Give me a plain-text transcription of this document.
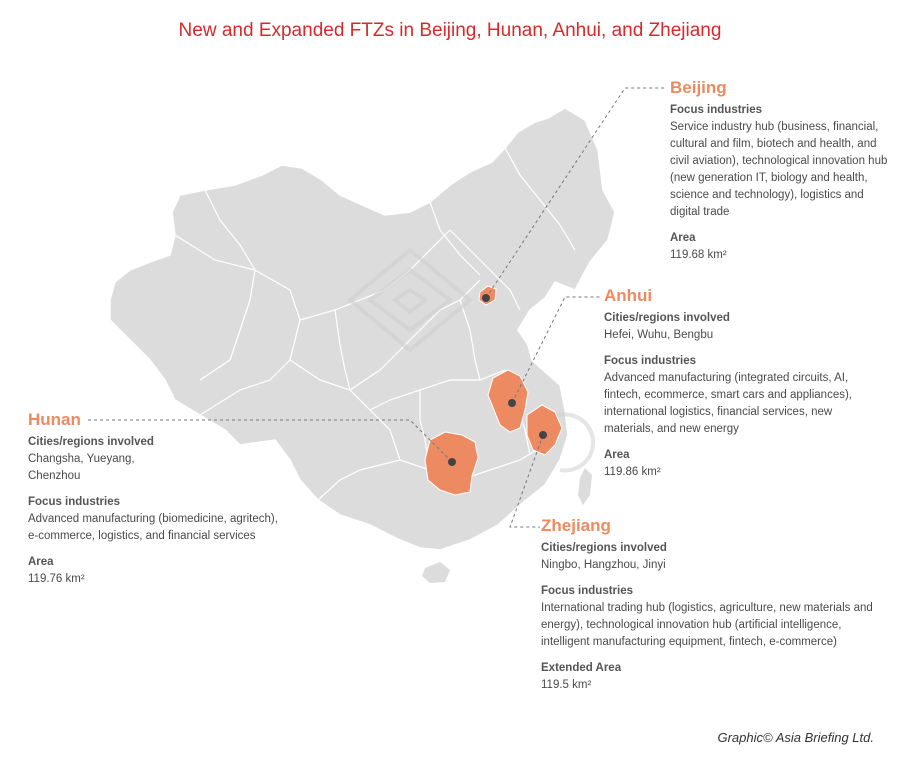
New and Expanded FTZs in Beijing, Hunan, Anhui, and Zhejiang
Beijing
Focus industries
Service industry hub (business, financial, cultural and film, biotech and health, and civil aviation), technological innovation hub (new generation IT, biology and health, science and technology), logistics and digital trade
Area
119.68 km²
Anhui
Cities/regions involved
Hefei, Wuhu, Bengbu
Focus industries
Advanced manufacturing (integrated circuits, AI, fintech, ecommerce, smart cars and appliances), international logistics, financial services, new materials, and new energy
Area
119.86 km²
Hunan
Cities/regions involved
Changsha, Yueyang, Chenzhou
Focus industries
Advanced manufacturing (biomedicine, agritech), e-commerce, logistics, and financial services
Area
119.76 km²
Zhejiang
Cities/regions involved
Ningbo, Hangzhou, Jinyi
Focus industries
International trading hub (logistics, agriculture, new materials and energy), technological innovation hub (artificial intelligence, intelligent manufacturing equipment, fintech, e-commerce)
Extended Area
119.5 km²
Graphic© Asia Briefing Ltd.
